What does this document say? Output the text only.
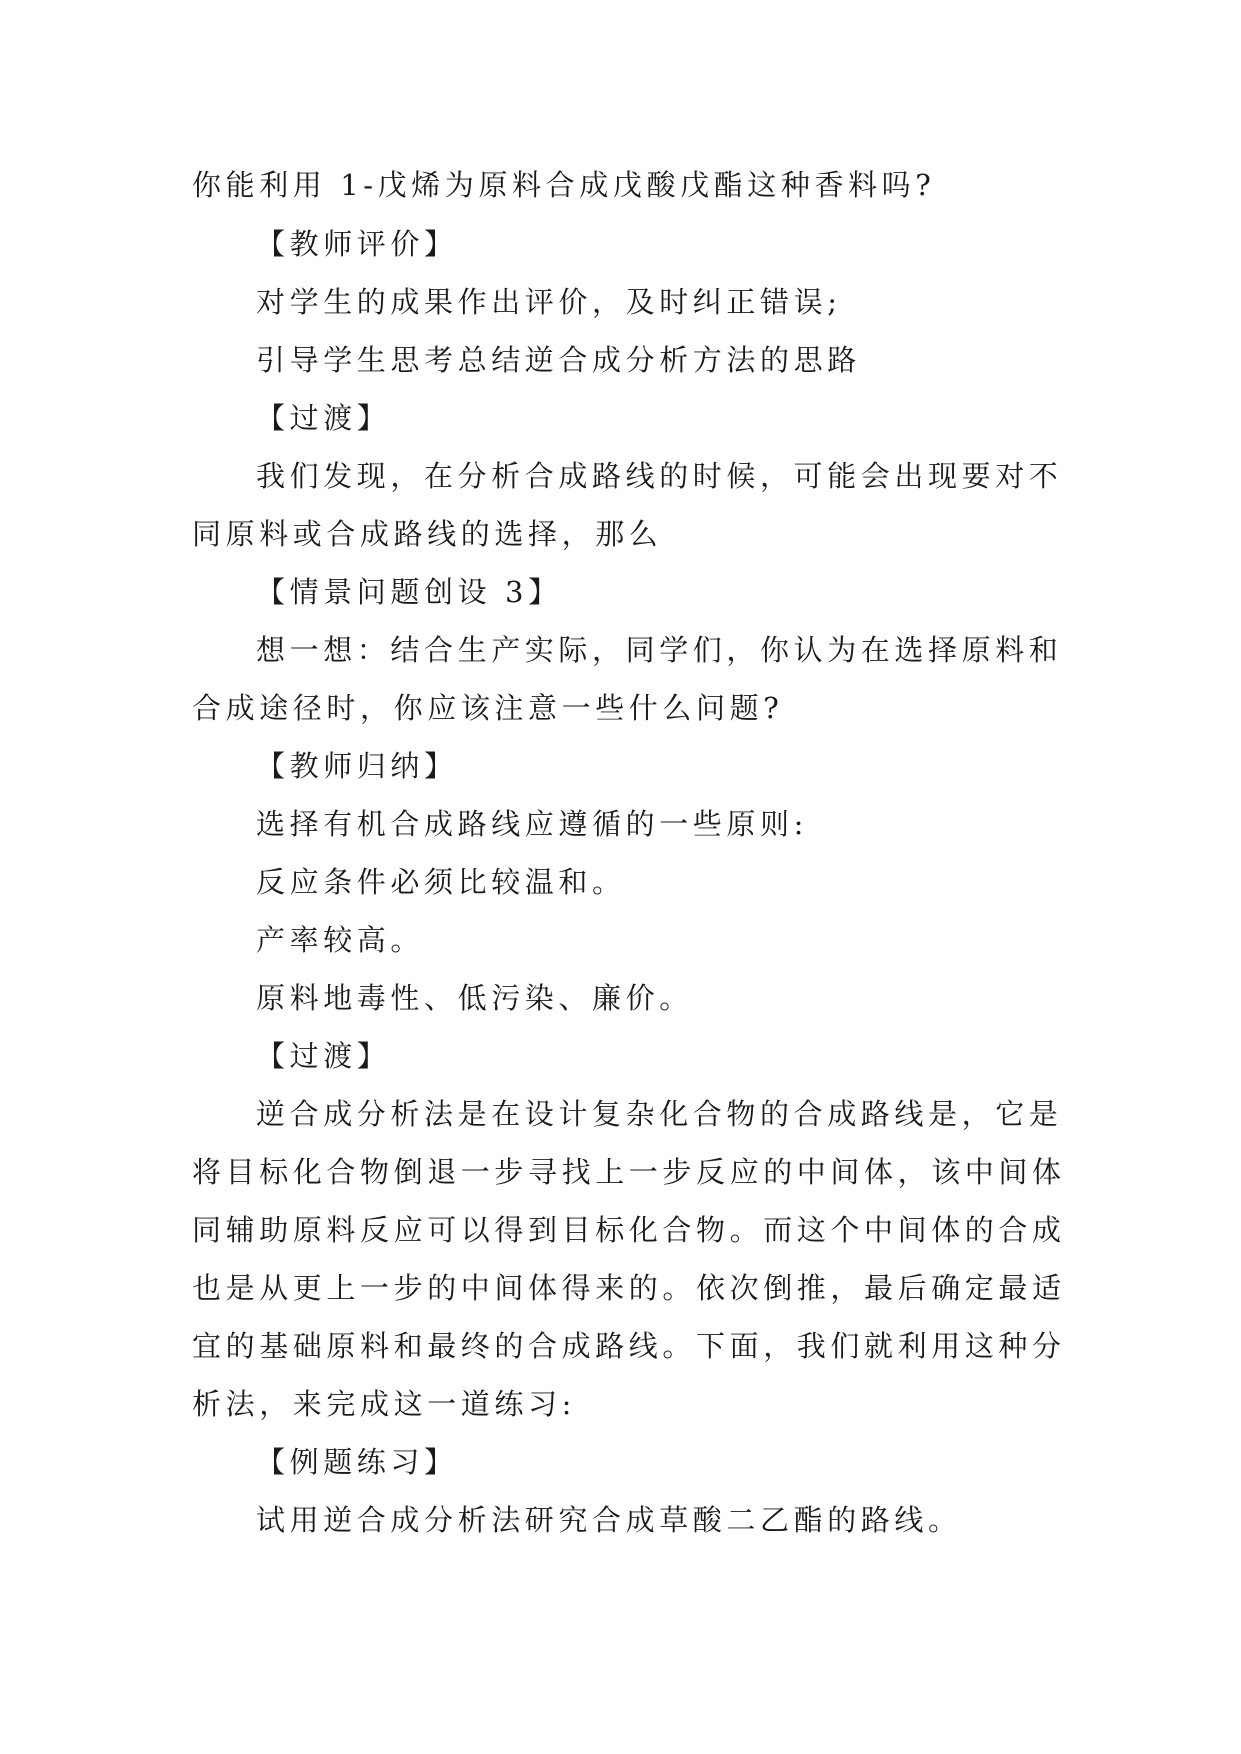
你能利用 1-戊烯为原料合成戊酸戊酯这种香料吗?
【教师评价】
对学生的成果作出评价，及时纠正错误;
引导学生思考总结逆合成分析方法的思路
【过渡】
我们发现，在分析合成路线的时候，可能会出现要对不
同原料或合成路线的选择，那么
【情景问题创设 3】
想一想：结合生产实际，同学们，你认为在选择原料和
合成途径时，你应该注意一些什么问题?
【教师归纳】
选择有机合成路线应遵循的一些原则:
反应条件必须比较温和。
产率较高。
原料地毒性、低污染、廉价。
【过渡】
逆合成分析法是在设计复杂化合物的合成路线是，它是
将目标化合物倒退一步寻找上一步反应的中间体，该中间体
同辅助原料反应可以得到目标化合物。而这个中间体的合成
也是从更上一步的中间体得来的。依次倒推，最后确定最适
宜的基础原料和最终的合成路线。下面，我们就利用这种分
析法，来完成这一道练习:
【例题练习】
试用逆合成分析法研究合成草酸二乙酯的路线。
